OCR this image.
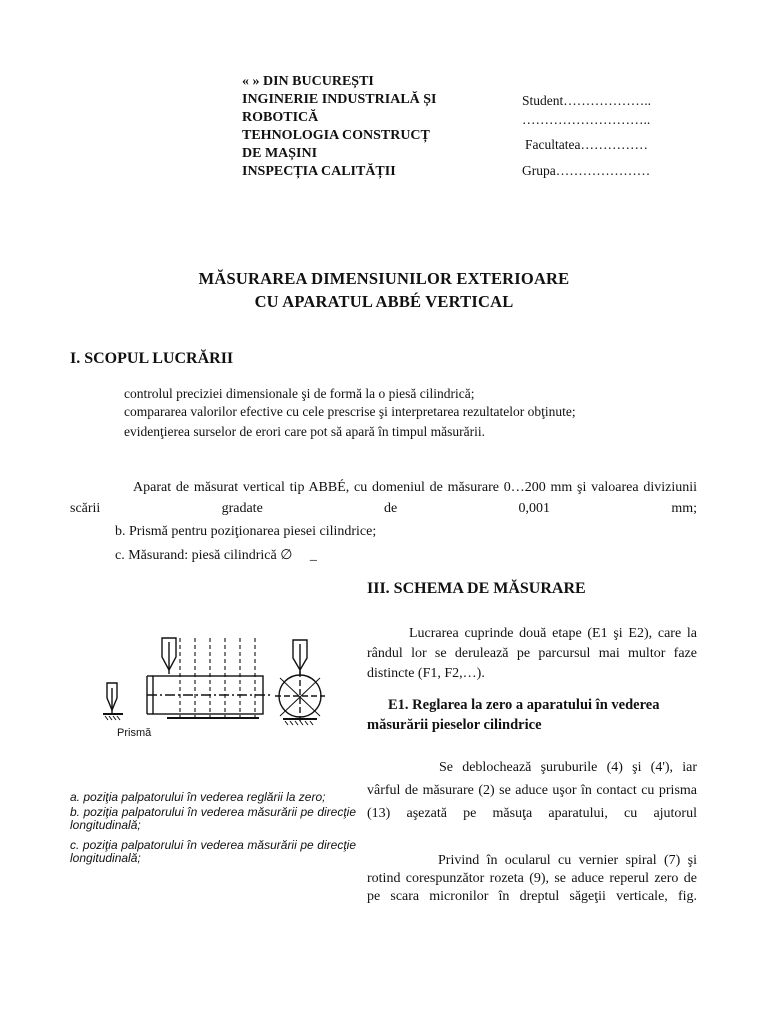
« » DIN BUCUREȘTI
INGINERIE INDUSTRIALĂ ȘI
ROBOTICĂ
TEHNOLOGIA CONSTRUCȚ
DE MAȘINI
INSPECȚIA CALITĂȚII
Student………………..
………………………..
Facultatea……………
Grupa…………………
MĂSURAREA DIMENSIUNILOR EXTERIOARE
CU APARATUL ABBÉ VERTICAL
I. SCOPUL LUCRĂRII
controlul preciziei dimensionale şi de formă la o piesă cilindrică;
compararea valorilor efective cu cele prescrise şi interpretarea rezultatelor obţinute;
evidenţierea surselor de erori care pot să apară în timpul măsurării.
Aparat de măsurat vertical tip ABBÉ, cu domeniul de măsurare 0…200 mm şi valoarea diviziunii scării gradate de 0,001 mm;
b. Prismă pentru poziţionarea piesei cilindrice;
c. Măsurand: piesă cilindrică ∅ _
Prismă
a. poziţia palpatorului în vederea reglării la zero;
b. poziţia palpatorului în vederea măsurării pe direcţie longitudinală;
c. poziţia palpatorului în vederea măsurării pe direcţie longitudinală;
III. SCHEMA DE MĂSURARE
Lucrarea cuprinde două etape (E1 şi E2), care la rândul lor se derulează pe parcursul mai multor faze distincte (F1, F2,…).
E1. Reglarea la zero a aparatului în vederea măsurării pieselor cilindrice
Se deblochează şuruburile (4) şi (4'), iar vârful de măsurare (2) se aduce uşor în contact cu prisma (13) aşezată pe măsuţa aparatului, cu ajutorul
Privind în ocularul cu vernier spiral (7) şi rotind corespunzător rozeta (9), se aduce reperul zero de pe scara micronilor în dreptul săgeţii verticale, fig.
